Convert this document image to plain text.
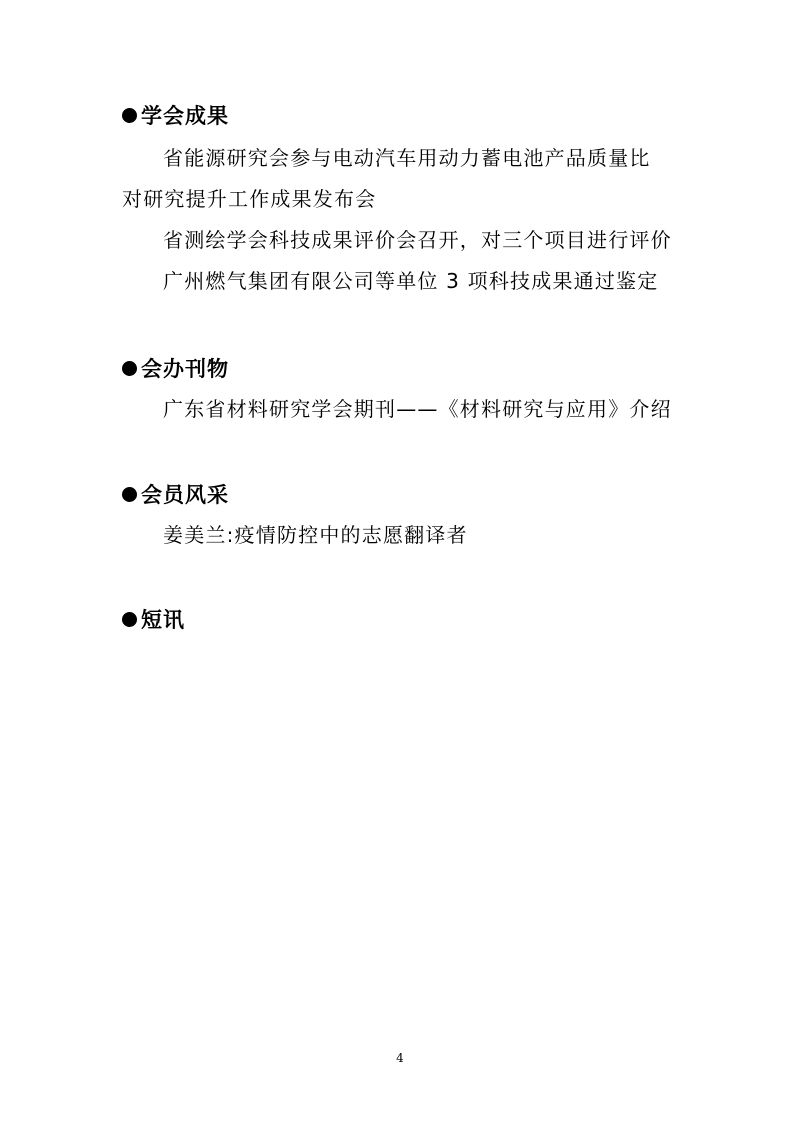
学会成果
省能源研究会参与电动汽车用动力蓄电池产品质量比
对研究提升工作成果发布会
省测绘学会科技成果评价会召开，对三个项目进行评价
广州燃气集团有限公司等单位 3 项科技成果通过鉴定
会办刊物
广东省材料研究学会期刊——《材料研究与应用》介绍
会员风采
姜美兰:疫情防控中的志愿翻译者
短讯
4
